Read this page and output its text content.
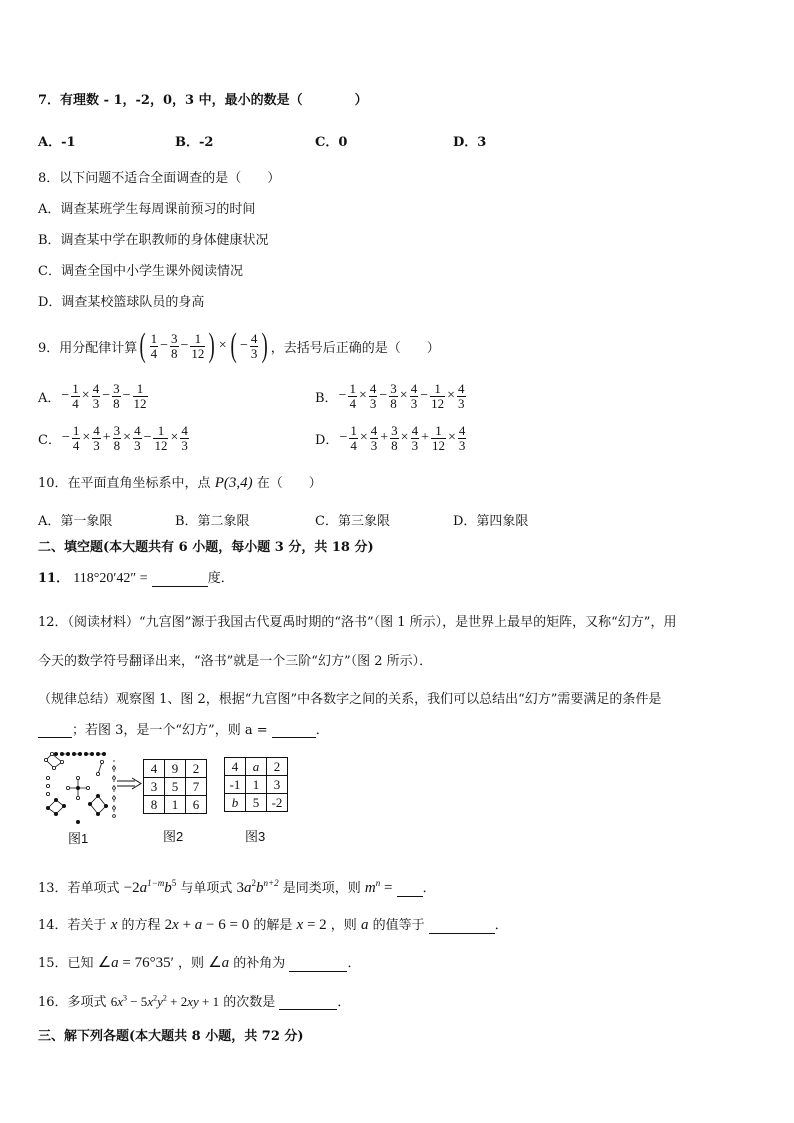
7．有理数 - 1，-2，0，3 中，最小的数是（　　　　）
A．-1	B．-2	C．0	D．3
8．以下问题不适合全面调查的是（　　）
A．调查某班学生每周课前预习的时间
B．调查某中学在职教师的身体健康状况
C．调查全国中小学生课外阅读情况
D．调查某校篮球队员的身高
9．用分配律计算 ( $\frac{1}{4} - \frac{3}{8} - \frac{1}{12}$ ) × ( − $\frac{4}{3}$ ) ，去括号后正确的是（　　）
A． − $\frac{1}{4} \times \frac{4}{3} - \frac{3}{8} - \frac{1}{12}$	B． − $\frac{1}{4} \times \frac{4}{3} - \frac{3}{8} \times \frac{4}{3} - \frac{1}{12} \times \frac{4}{3}$
C． − $\frac{1}{4} \times \frac{4}{3} + \frac{3}{8} \times \frac{4}{3} - \frac{1}{12} \times \frac{4}{3}$	D． − $\frac{1}{4} \times \frac{4}{3} + \frac{3}{8} \times \frac{4}{3} + \frac{1}{12} \times \frac{4}{3}$
10．在平面直角坐标系中，点 P(3,4) 在（　　）
A．第一象限	B．第二象限	C．第三象限	D．第四象限
二、填空题(本大题共有 6 小题，每小题 3 分，共 18 分)
11． 118°20′42″ =	度．
12．（阅读材料）“九宫图”源于我国古代夏禹时期的“洛书”（图 1 所示），是世界上最早的矩阵，又称“幻方”，用
今天的数学符号翻译出来，“洛书”就是一个三阶“幻方”（图 2 所示）．
（规律总结）观察图 1、图 2，根据“九宫图”中各数字之间的关系，我们可以总结出“幻方”需要满足的条件是
；若图 3，是一个“幻方”，则 a =	．
图1
4	9	2
3	5	7
8	1	6
图2
4	a	2
-1	1	3
b	5	-2
图3
13．若单项式 $-2a^{1-m}b^5$ 与单项式 $3a^2b^{n+2}$ 是同类项，则 $m^n$ = ．
14．若关于 x 的方程 2x + a − 6 = 0 的解是 x = 2 ，则 a 的值等于	．
15．已知 ∠a = 76°35′ ，则 ∠a 的补角为	．
16．多项式 $6x^3 - 5x^2y^2 + 2xy + 1$ 的次数是	．
三、解下列各题(本大题共 8 小题，共 72 分)
